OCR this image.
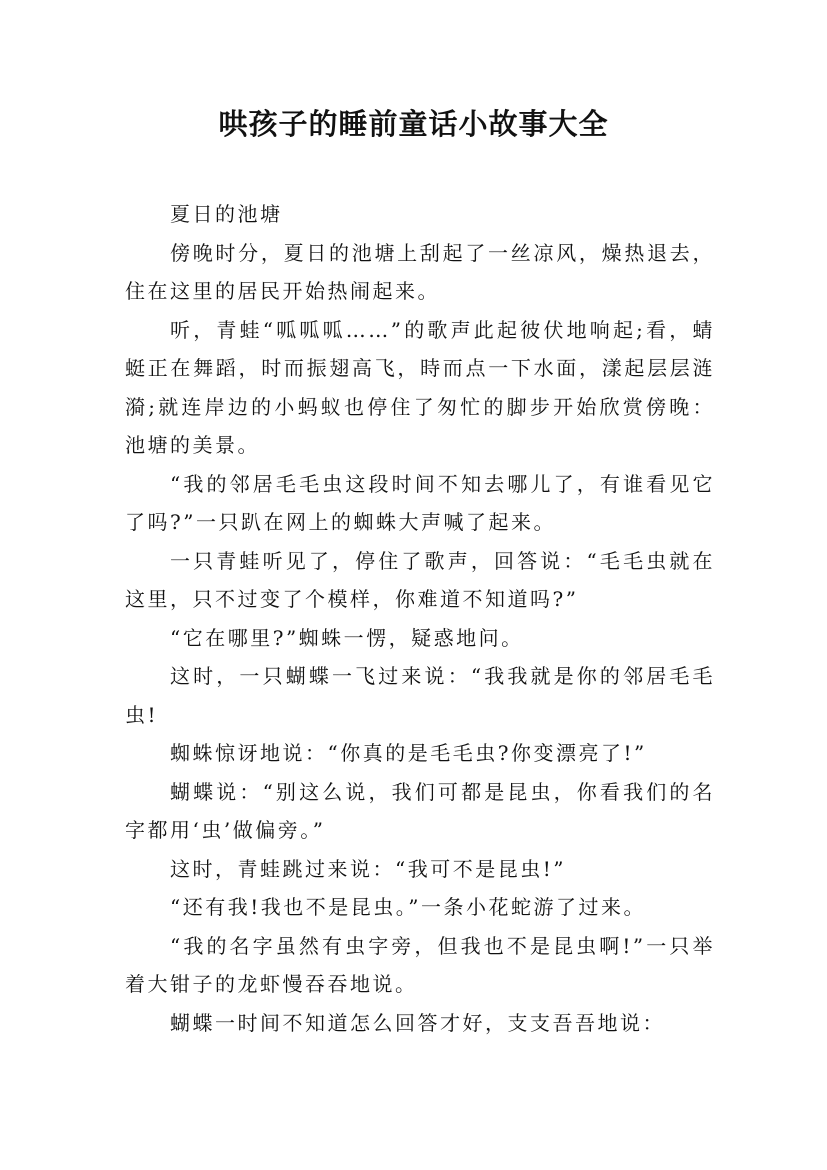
哄孩子的睡前童话小故事大全

夏日的池塘

傍晚时分，夏日的池塘上刮起了一丝凉风，燥热退去，住在这里的居民开始热闹起来。

听，青蛙“呱呱呱……”的歌声此起彼伏地响起;看，蜻蜓正在舞蹈，时而振翅高飞，時而点一下水面，漾起层层涟漪;就连岸边的小蚂蚁也停住了匆忙的脚步开始欣赏傍晚：池塘的美景。

“我的邻居毛毛虫这段时间不知去哪儿了，有谁看见它了吗?”一只趴在网上的蜘蛛大声喊了起来。

一只青蛙听见了，停住了歌声，回答说：“毛毛虫就在这里，只不过变了个模样，你难道不知道吗?”

“它在哪里?”蜘蛛一愣，疑惑地问。

这时，一只蝴蝶一飞过来说：“我我就是你的邻居毛毛虫!

蜘蛛惊讶地说：“你真的是毛毛虫?你变漂亮了!”

蝴蝶说：“别这么说，我们可都是昆虫，你看我们的名字都用‘虫’做偏旁。”

这时，青蛙跳过来说：“我可不是昆虫!”

“还有我!我也不是昆虫。”一条小花蛇游了过来。

“我的名字虽然有虫字旁，但我也不是昆虫啊!”一只举着大钳子的龙虾慢吞吞地说。

蝴蝶一时间不知道怎么回答才好，支支吾吾地说：
